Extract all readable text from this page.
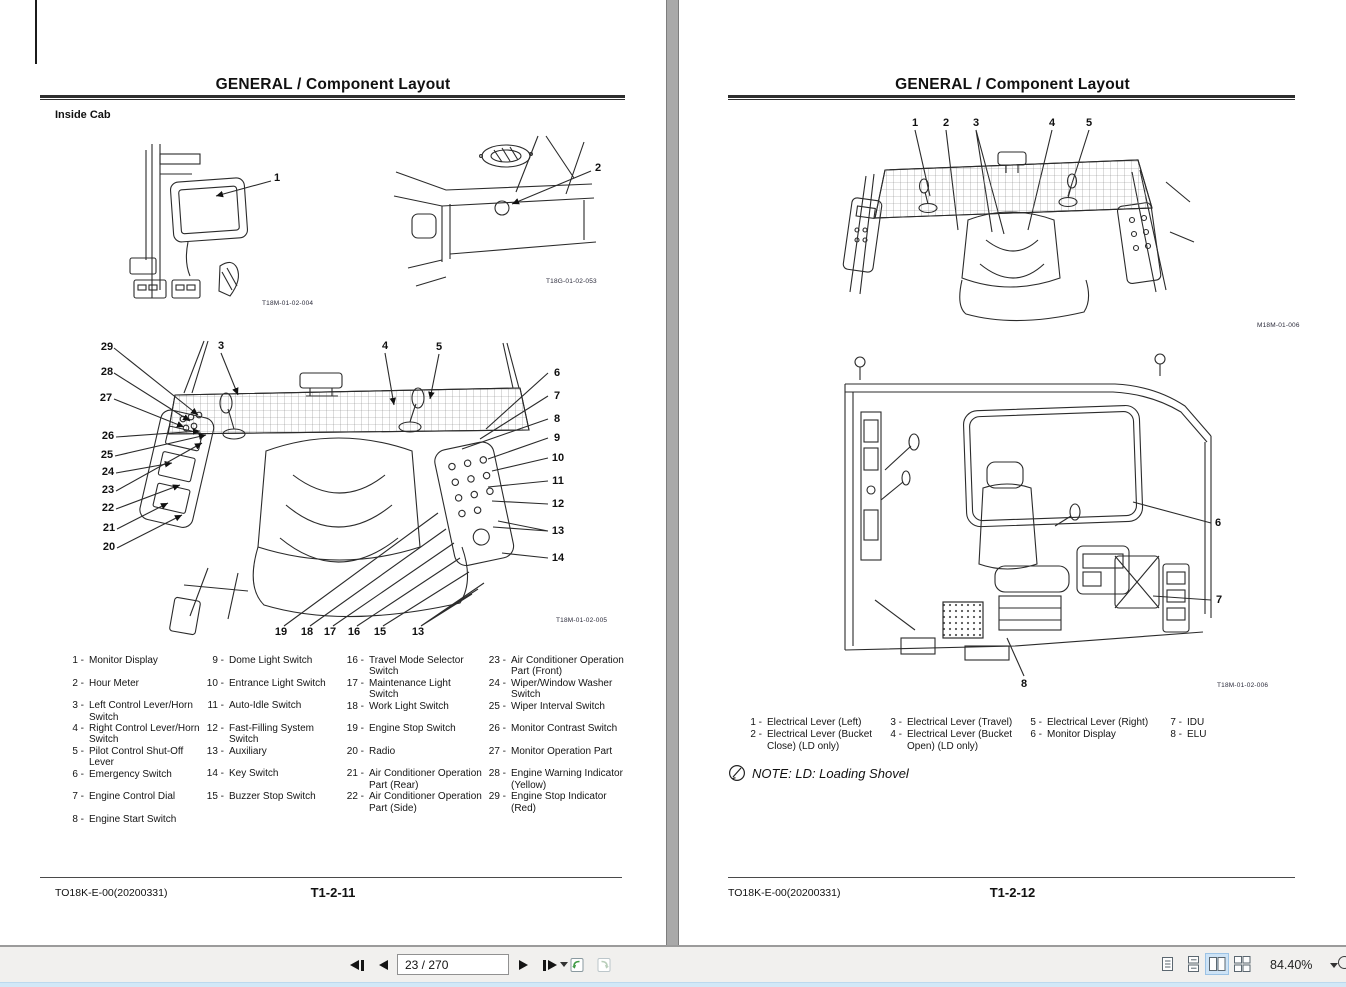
GENERAL / Component Layout
Inside Cab
T18M-01-02-004
T18G-01-02-053
T18M-01-02-005
1
2
29
28
27
26
25
24
23
22
21
20
3	4	5
6
7
8
9
10
11
12
13
14
19 18 17 16 15 13
1 - Monitor Display
2 - Hour Meter
3 - Left Control Lever/Horn Switch
4 - Right Control Lever/Horn Switch
5 - Pilot Control Shut-Off Lever
6 - Emergency Switch
7 - Engine Control Dial
8 - Engine Start Switch
9 - Dome Light Switch
10 - Entrance Light Switch
11 - Auto-Idle Switch
12 - Fast-Filling System Switch
13 - Auxiliary
14 - Key Switch
15 - Buzzer Stop Switch
16 - Travel Mode Selector Switch
17 - Maintenance Light Switch
18 - Work Light Switch
19 - Engine Stop Switch
20 - Radio
21 - Air Conditioner Operation Part (Rear)
22 - Air Conditioner Operation Part (Side)
23 - Air Conditioner Operation Part (Front)
24 - Wiper/Window Washer Switch
25 - Wiper Interval Switch
26 - Monitor Contrast Switch
27 - Monitor Operation Part
28 - Engine Warning Indicator (Yellow)
29 - Engine Stop Indicator (Red)
TO18K-E-00(20200331)	T1-2-11
GENERAL / Component Layout
M18M-01-006
T18M-01-02-006
1 2 3	4	5
6
7
8
1 - Electrical Lever (Left)
2 - Electrical Lever (Bucket Close) (LD only)
3 - Electrical Lever (Travel)
4 - Electrical Lever (Bucket Open) (LD only)
5 - Electrical Lever (Right)
6 - Monitor Display
7 - IDU
8 - ELU
NOTE: LD: Loading Shovel
TO18K-E-00(20200331)	T1-2-12
23 / 270
84.40%
